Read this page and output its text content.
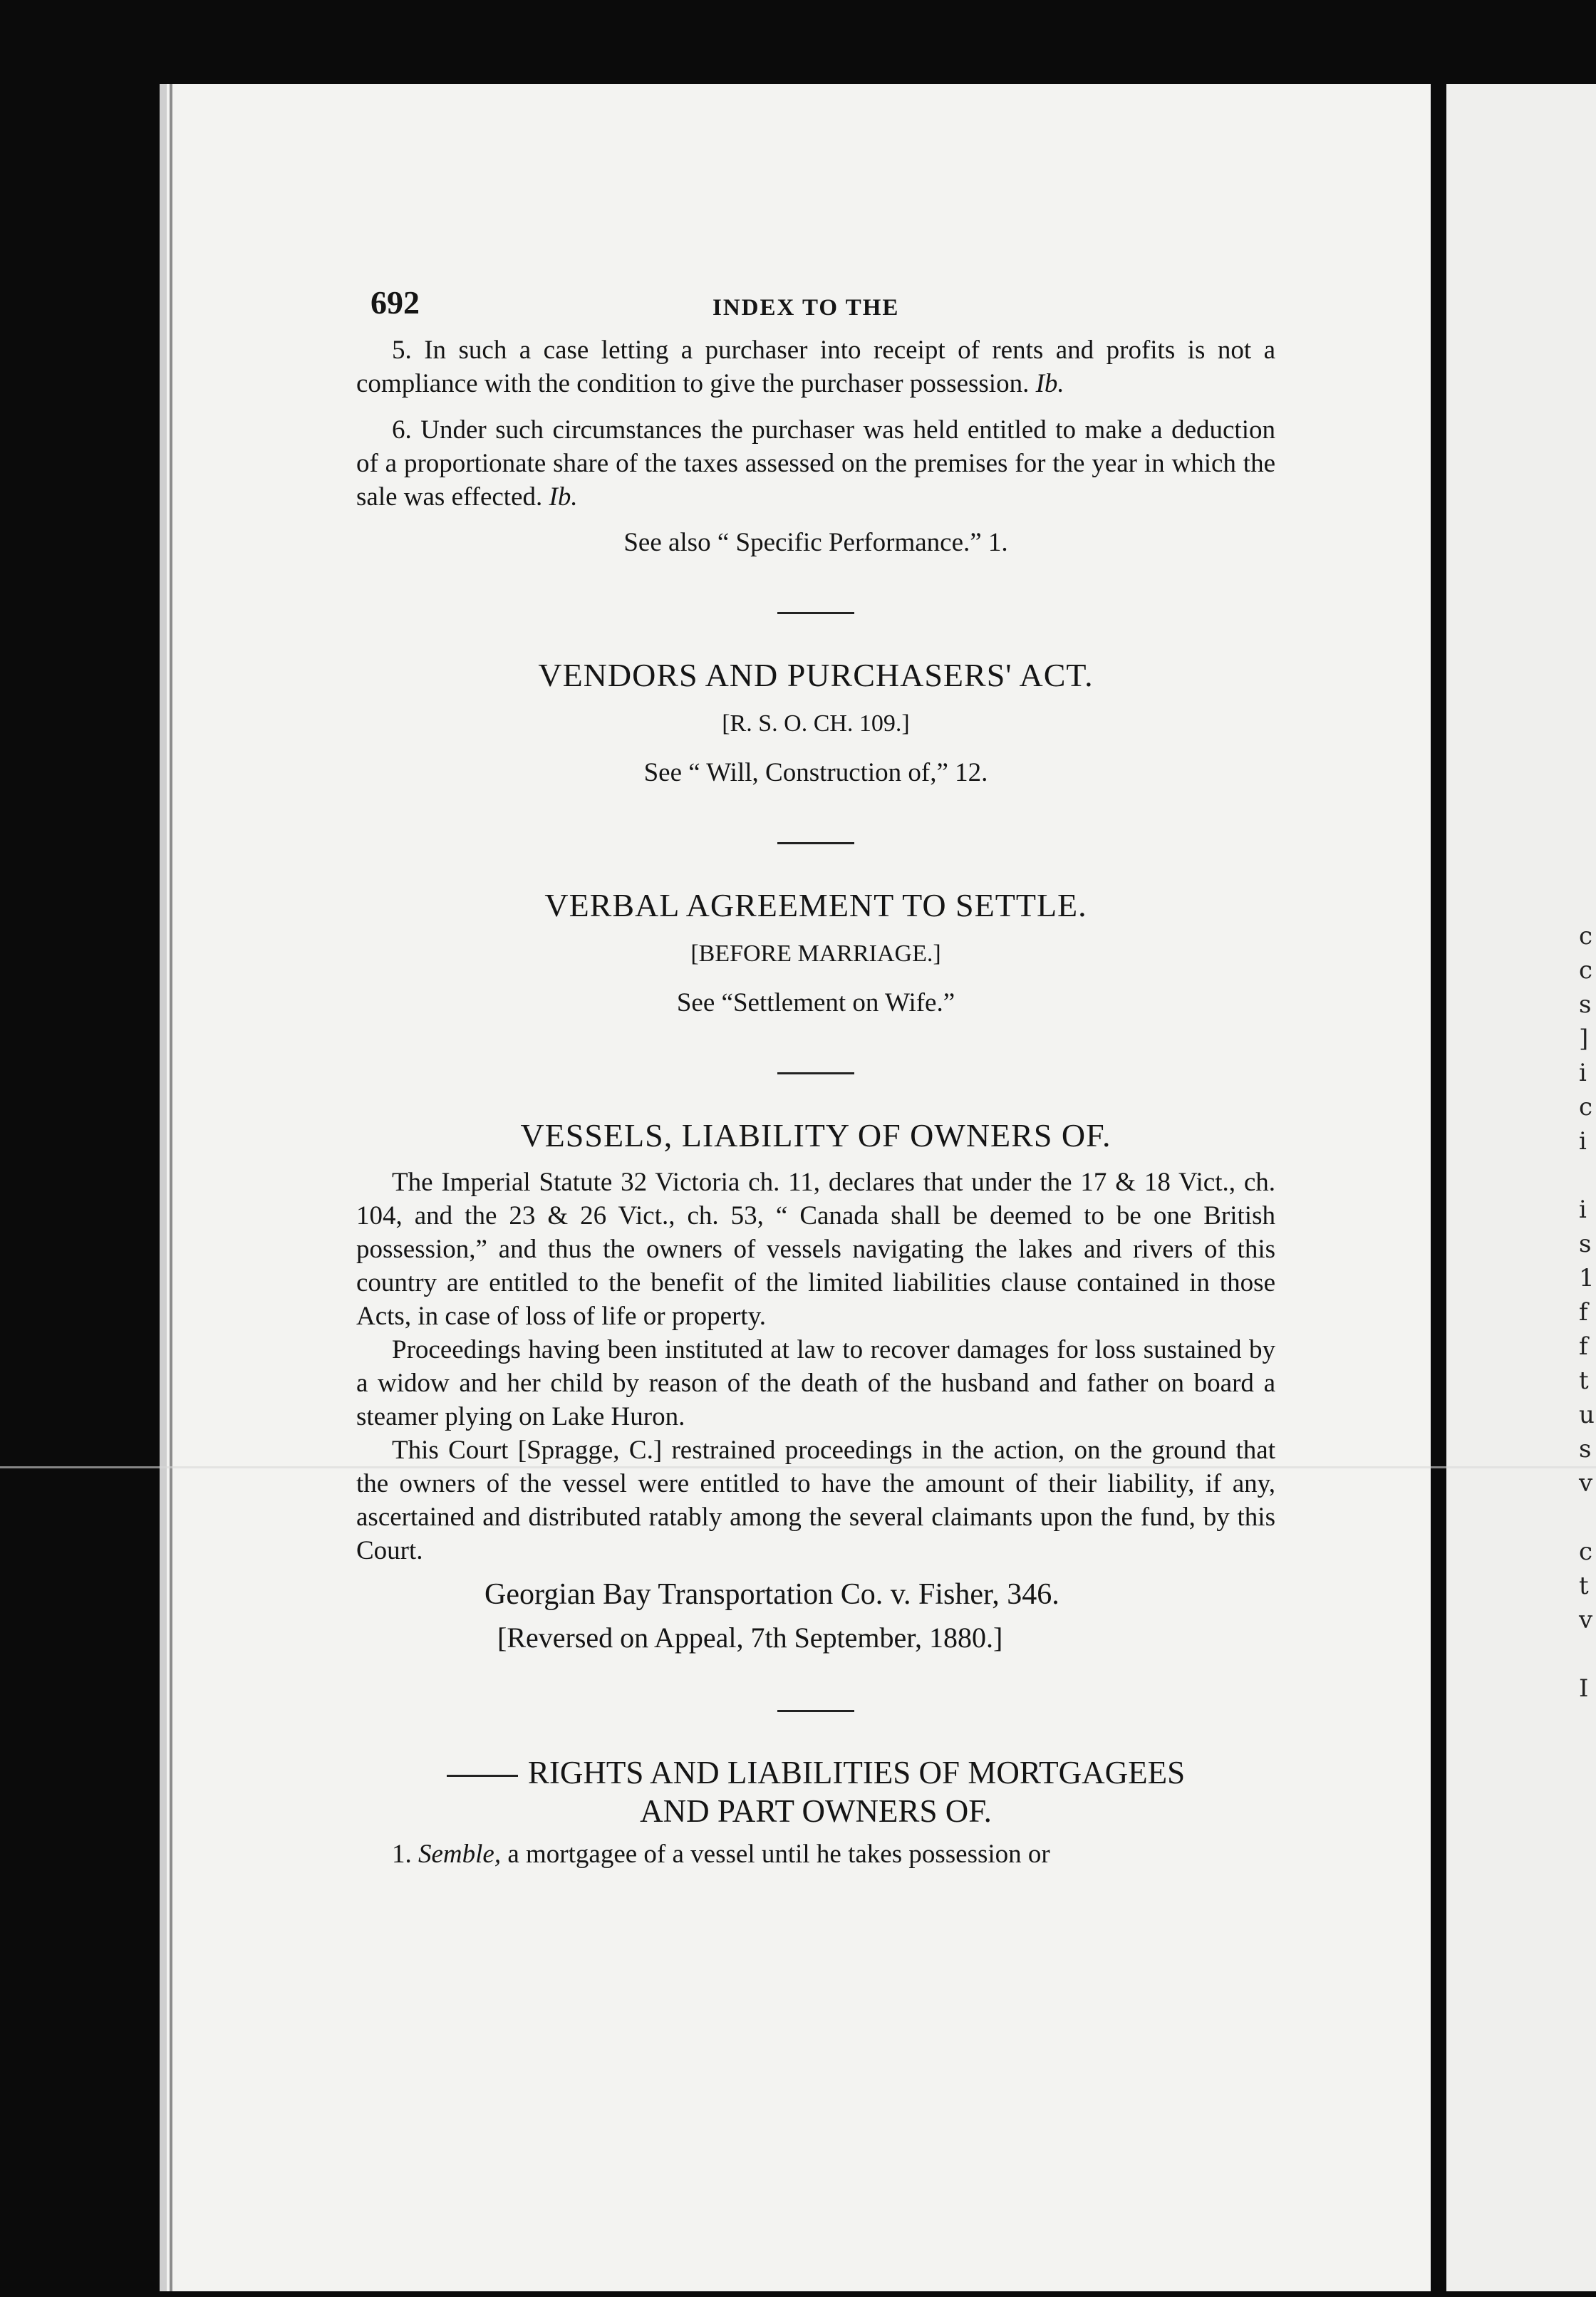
c
c
s
]
i
c
i
i
s
1
f
f
t
u
s
v
c
t
v
I
692	INDEX TO THE

5. In such a case letting a purchaser into receipt of rents and profits is not a compliance with the condition to give the purchaser possession. Ib.

6. Under such circumstances the purchaser was held entitled to make a deduction of a proportionate share of the taxes assessed on the premises for the year in which the sale was effected. Ib.

See also “ Specific Performance.” 1.
VENDORS AND PURCHASERS' ACT.
[R. S. O. CH. 109.]
See “ Will, Construction of,” 12.
VERBAL AGREEMENT TO SETTLE.
[BEFORE MARRIAGE.]
See “Settlement on Wife.”
VESSELS, LIABILITY OF OWNERS OF.

The Imperial Statute 32 Victoria ch. 11, declares that under the 17 & 18 Vict., ch. 104, and the 23 & 26 Vict., ch. 53, “ Canada shall be deemed to be one British possession,” and thus the owners of vessels navigating the lakes and rivers of this country are entitled to the benefit of the limited liabilities clause contained in those Acts, in case of loss of life or property.

Proceedings having been instituted at law to recover damages for loss sustained by a widow and her child by reason of the death of the husband and father on board a steamer plying on Lake Huron.

This Court [Spragge, C.] restrained proceedings in the action, on the ground that the owners of the vessel were entitled to have the amount of their liability, if any, ascertained and distributed ratably among the several claimants upon the fund, by this Court.

Georgian Bay Transportation Co. v. Fisher, 346.
[Reversed on Appeal, 7th September, 1880.]
RIGHTS AND LIABILITIES OF MORTGAGEES
AND PART OWNERS OF.

1. Semble, a mortgagee of a vessel until he takes possession or
